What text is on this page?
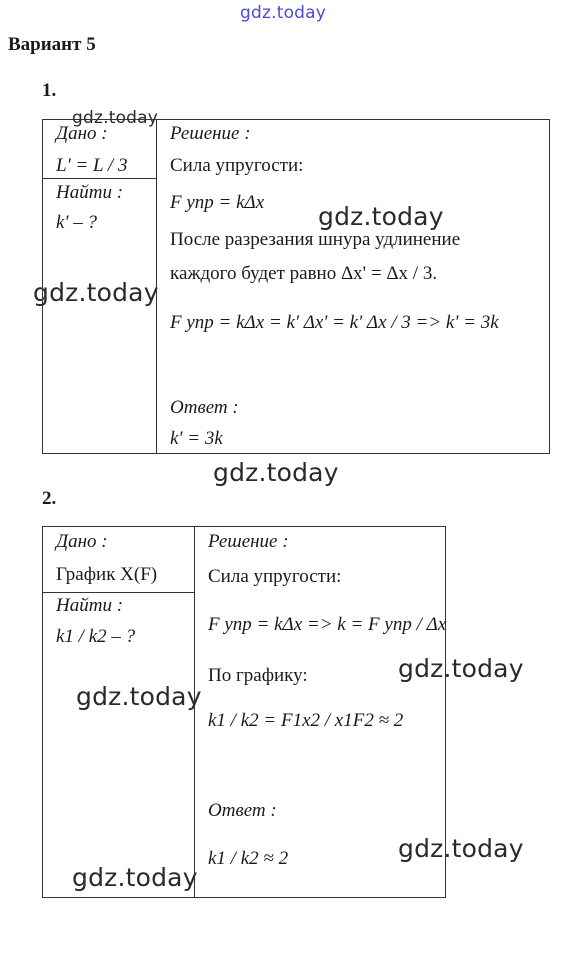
gdz.today
gdz.today
gdz.today
gdz.today
gdz.today
gdz.today
gdz.today
gdz.today
gdz.today
Вариант 5
1.
Дано :
L' = L / 3
Найти :
k' – ?
Решение :
Сила упругости:
F упр = kΔx
После разрезания шнура удлинение
каждого будет равно Δx' = Δx / 3.
F упр = kΔx = k' Δx' = k' Δx / 3 => k' = 3k
Ответ :
k' = 3k
2.
Дано :
График X(F)
Найти :
k1 / k2 – ?
Решение :
Сила упругости:
F упр = kΔx => k = F упр / Δx
По графику:
k1 / k2 = F1x2 / x1F2 ≈ 2
Ответ :
k1 / k2 ≈ 2
